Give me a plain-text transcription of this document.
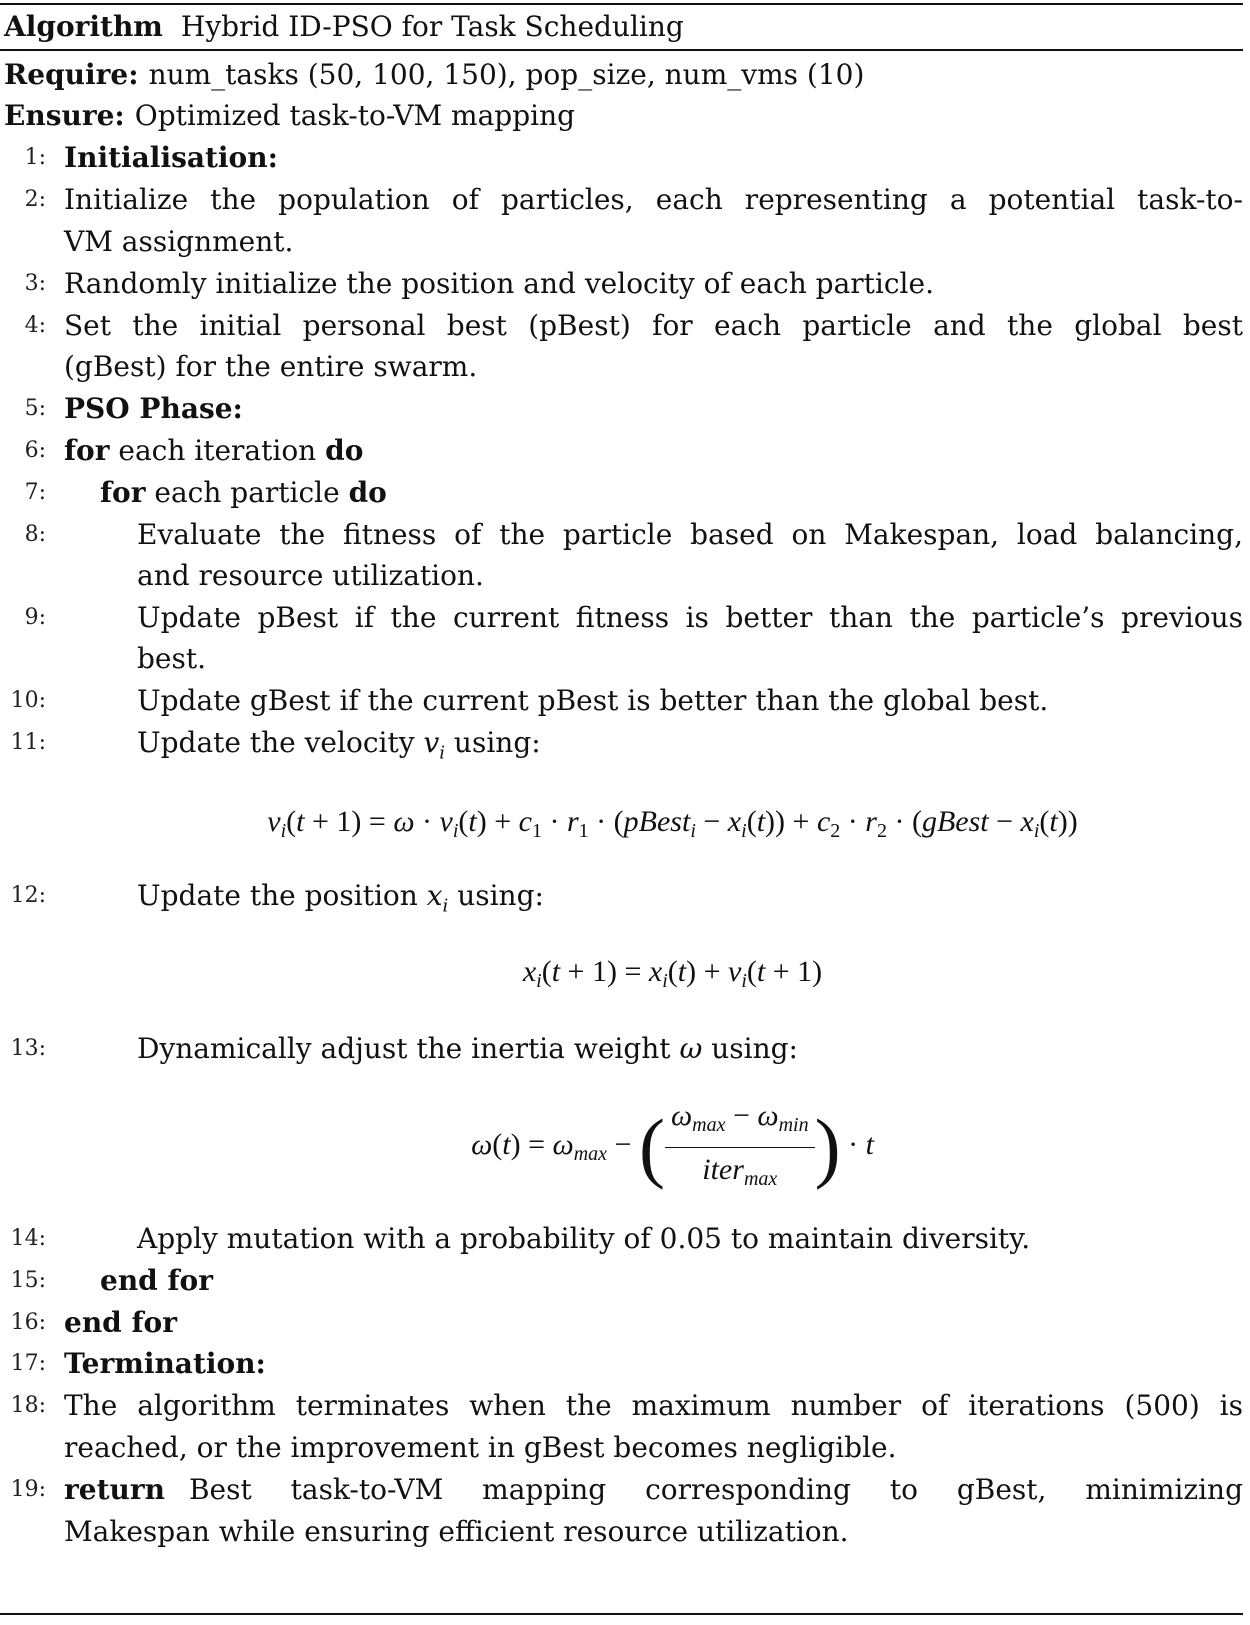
Algorithm Hybrid ID-PSO for Task Scheduling
Require: num_tasks (50, 100, 150), pop_size, num_vms (10)
Ensure: Optimized task-to-VM mapping
1 : Initialisation:
2 : Initialize the population of particles, each representing a potential task-to-
VM assignment.
3 : Randomly initialize the position and velocity of each particle.
4 : Set the initial personal best (pBest) for each particle and the global best
(gBest) for the entire swarm.
5 : PSO Phase:
6 : for each iteration do
7 : for each particle do
8 :	Evaluate the fitness of the particle based on Makespan, load balancing,
and resource utilization.
9 :	Update pBest if the current fitness is better than the particle’s previous
best.
10 :	Update gBest if the current pBest is better than the global best.
11 :	Update the velocity $v_i$ using:
$v_i(t + 1) = \omega \cdot v_i(t) + c_1 \cdot r_1$ · (pBest$_i$ − $x_i(t)) + c_2 \cdot r_2$ · (gBest − $x_i(t)$)
12 :	Update the position $x_i$ using:
$x_i(t + 1) = x_i(t) + v_i(t + 1)$
13 :	Dynamically adjust the inertia weight ω using:
$\omega(t) = \omega_{max}$ − ( $\frac{\omega_{max} - \omega_{min}}{iter_{max}}$ ) · t
14 :	Apply mutation with a probability of 0.05 to maintain diversity.
15 : end for
16 : end for
17 : Termination:
18 : The algorithm terminates when the maximum number of iterations (500) is
reached, or the improvement in gBest becomes negligible.
19 : return Best task-to-VM mapping corresponding to gBest, minimizing
Makespan while ensuring efficient resource utilization.
